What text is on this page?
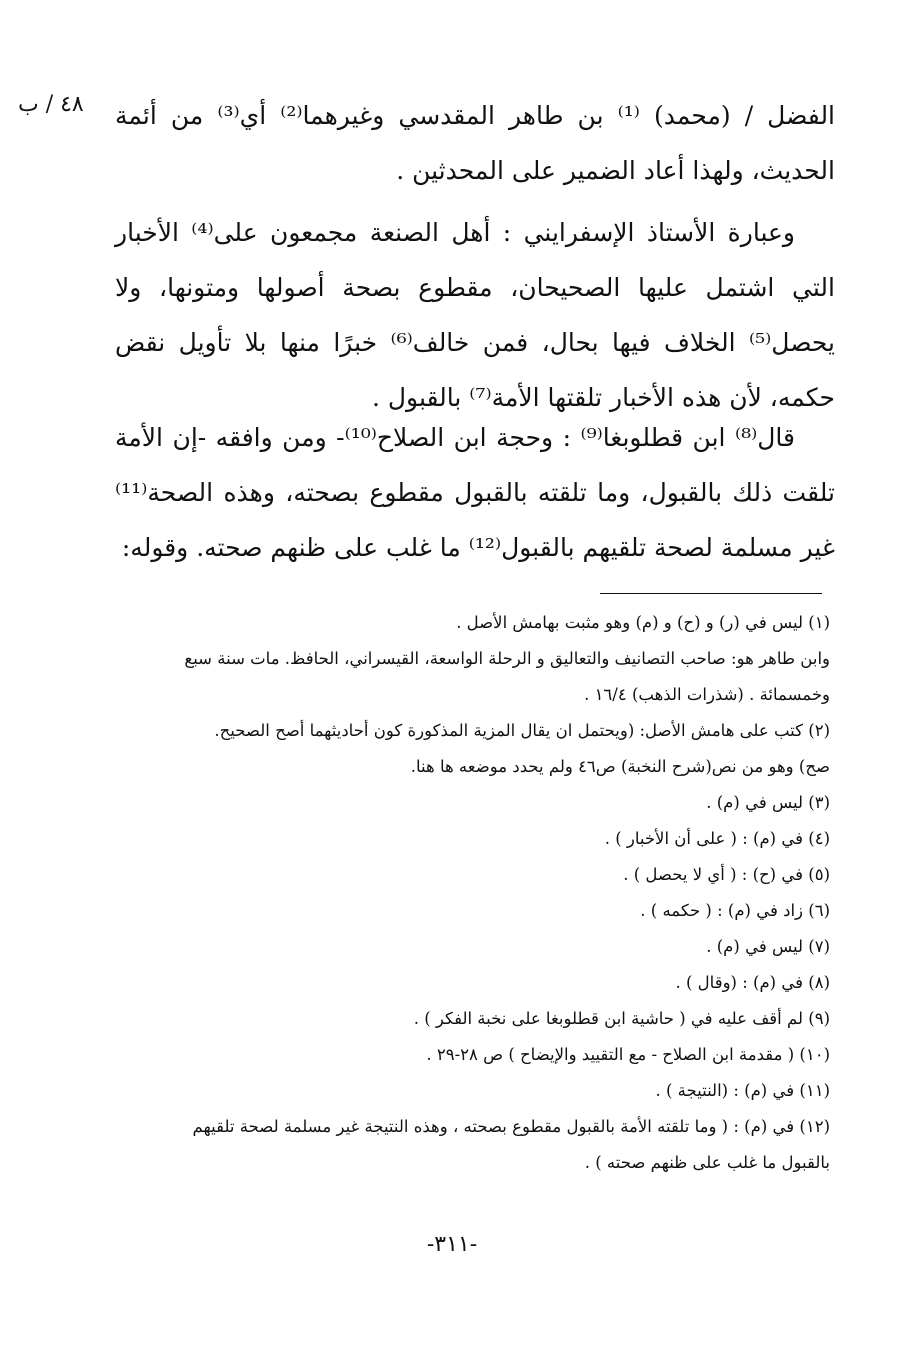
٤٨ / ب الفضل / (محمد) ⁽¹⁾ بن طاهر المقدسي وغيرهما⁽²⁾ أي⁽³⁾ من أئمة الحديث، ولهذا أعاد الضمير على المحدثين .

وعبارة الأستاذ الإسفرايني : أهل الصنعة مجمعون على⁽⁴⁾ الأخبار التي اشتمل عليها الصحيحان، مقطوع بصحة أصولها ومتونها، ولا يحصل⁽⁵⁾ الخلاف فيها بحال، فمن خالف⁽⁶⁾ خبرًا منها بلا تأويل نقض حكمه، لأن هذه الأخبار تلقتها الأمة⁽⁷⁾ بالقبول .

قال⁽⁸⁾ ابن قطلوبغا⁽⁹⁾ : وحجة ابن الصلاح⁽¹⁰⁾- ومن وافقه -إن الأمة تلقت ذلك بالقبول، وما تلقته بالقبول مقطوع بصحته، وهذه الصحة⁽¹¹⁾ غير مسلمة لصحة تلقيهم بالقبول⁽¹²⁾ ما غلب على ظنهم صحته. وقوله:

(١) ليس في (ر) و (ح) و (م) وهو مثبت بهامش الأصل .

وابن طاهر هو: صاحب التصانيف والتعاليق و الرحلة الواسعة، القيسراني، الحافظ. مات سنة سبع وخمسمائة . (شذرات الذهب) ١٦/٤ .

(٢) كتب على هامش الأصل: (ويحتمل ان يقال المزية المذكورة كون أحاديثهما أصح الصحيح.

صح) وهو من نص(شرح النخبة) ص٤٦ ولم يحدد موضعه ها هنا.

(٣) ليس في (م) .

(٤) في (م) : ( على أن الأخبار ) .

(٥) في (ح) : ( أي لا يحصل ) .

(٦) زاد في (م) : ( حكمه ) .

(٧) ليس في (م) .

(٨) في (م) : (وقال ) .

(٩) لم أقف عليه في ( حاشية ابن قطلوبغا على نخبة الفكر ) .

(١٠) ( مقدمة ابن الصلاح - مع التقييد والإيضاح ) ص ٢٨-٢٩ .

(١١) في (م) : (النتيجة ) .

(١٢) في (م) : ( وما تلقته الأمة بالقبول مقطوع بصحته ، وهذه النتيجة غير مسلمة لصحة تلقيهم

بالقبول ما غلب على ظنهم صحته ) .

-٣١١-
